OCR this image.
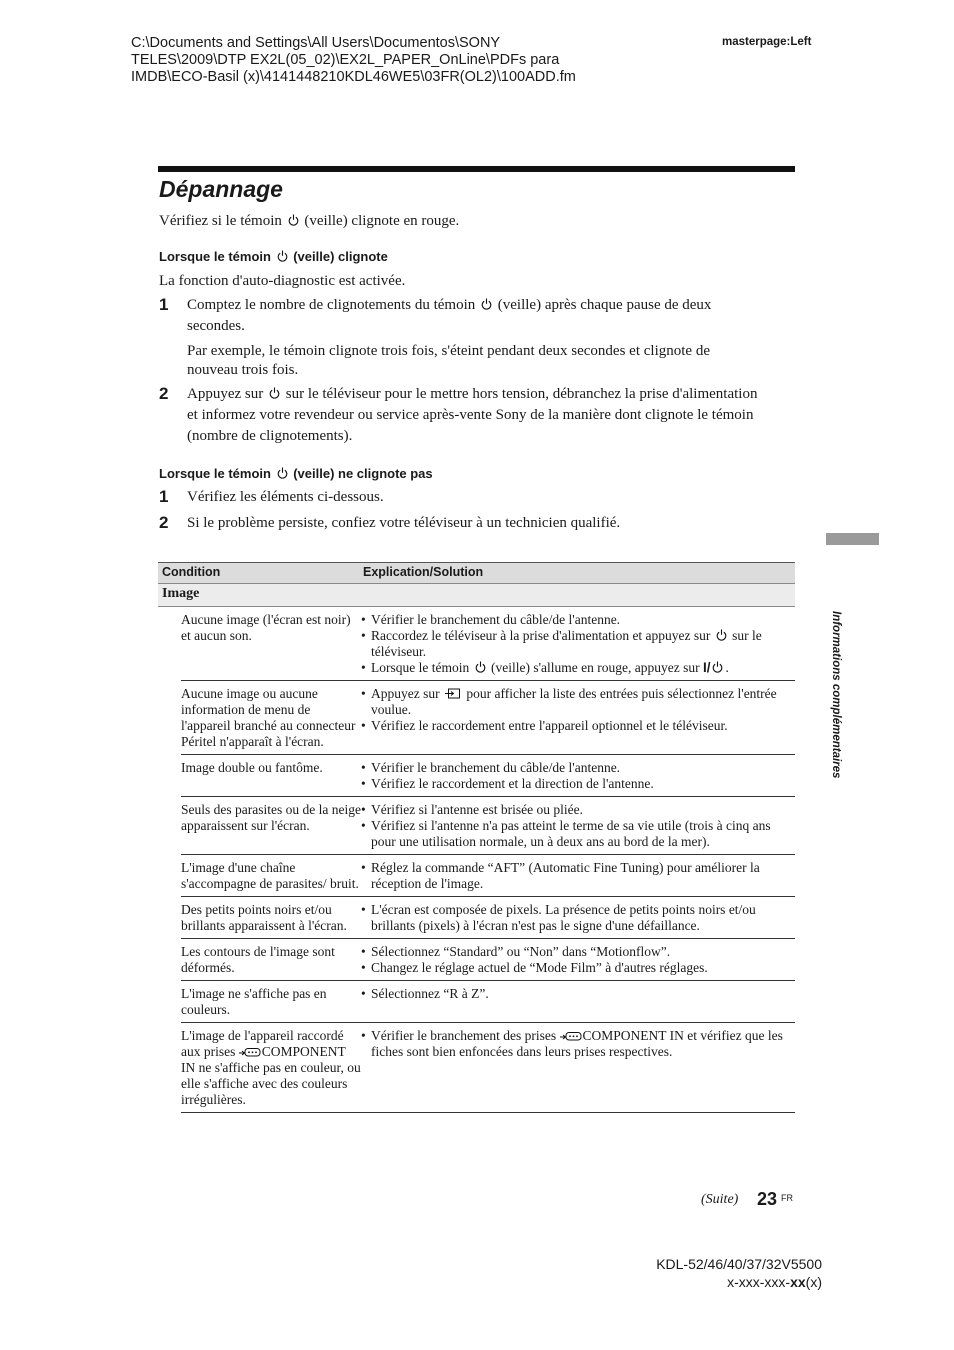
C:\Documents and Settings\All Users\Documentos\SONY
TELES\2009\DTP EX2L(05_02)\EX2L_PAPER_OnLine\PDFs para
IMDB\ECO-Basil (x)\4141448210KDL46WE5\03FR(OL2)\100ADD.fm
masterpage:Left
Dépannage
Vérifiez si le témoin (veille) clignote en rouge.
Lorsque le témoin (veille) clignote
La fonction d'auto-diagnostic est activée.
1 Comptez le nombre de clignotements du témoin (veille) après chaque pause de deux
secondes.
Par exemple, le témoin clignote trois fois, s'éteint pendant deux secondes et clignote de
nouveau trois fois.
2 Appuyez sur sur le téléviseur pour le mettre hors tension, débranchez la prise d'alimentation
et informez votre revendeur ou service après-vente Sony de la manière dont clignote le témoin
(nombre de clignotements).
Lorsque le témoin (veille) ne clignote pas
1 Vérifiez les éléments ci-dessous.
2 Si le problème persiste, confiez votre téléviseur à un technicien qualifié.
Informations complémentaires
Condition	Explication/Solution
Image
Aucune image (l'écran est noir) et aucun son.
• Vérifier le branchement du câble/de l'antenne.
• Raccordez le téléviseur à la prise d'alimentation et appuyez sur sur le téléviseur.
• Lorsque le témoin (veille) s'allume en rouge, appuyez sur I/ .
Aucune image ou aucune information de menu de l'appareil branché au connecteur Péritel n'apparaît à l'écran.
• Appuyez sur pour afficher la liste des entrées puis sélectionnez l'entrée voulue.
• Vérifiez le raccordement entre l'appareil optionnel et le téléviseur.
Image double ou fantôme.	• Vérifier le branchement du câble/de l'antenne.
• Vérifiez le raccordement et la direction de l'antenne.
Seuls des parasites ou de la neige apparaissent sur l'écran.
• Vérifiez si l'antenne est brisée ou pliée.
• Vérifiez si l'antenne n'a pas atteint le terme de sa vie utile (trois à cinq ans pour une utilisation normale, un à deux ans au bord de la mer).
L'image d'une chaîne s'accompagne de parasites/ bruit.
• Réglez la commande “AFT” (Automatic Fine Tuning) pour améliorer la réception de l'image.
Des petits points noirs et/ou brillants apparaissent à l'écran.
• L'écran est composée de pixels. La présence de petits points noirs et/ou brillants (pixels) à l'écran n'est pas le signe d'une défaillance.
Les contours de l'image sont déformés.
• Sélectionnez “Standard” ou “Non” dans “Motionflow”.
• Changez le réglage actuel de “Mode Film” à d'autres réglages.
L'image ne s'affiche pas en couleurs.
• Sélectionnez “R à Z”.
L'image de l'appareil raccordé aux prises COMPONENT IN ne s'affiche pas en couleur, ou elle s'affiche avec des couleurs irrégulières.
• Vérifier le branchement des prises COMPONENT IN et vérifiez que les fiches sont bien enfoncées dans leurs prises respectives.
(Suite) 23 FR
KDL-52/46/40/37/32V5500
x-xxx-xxx-xx(x)
